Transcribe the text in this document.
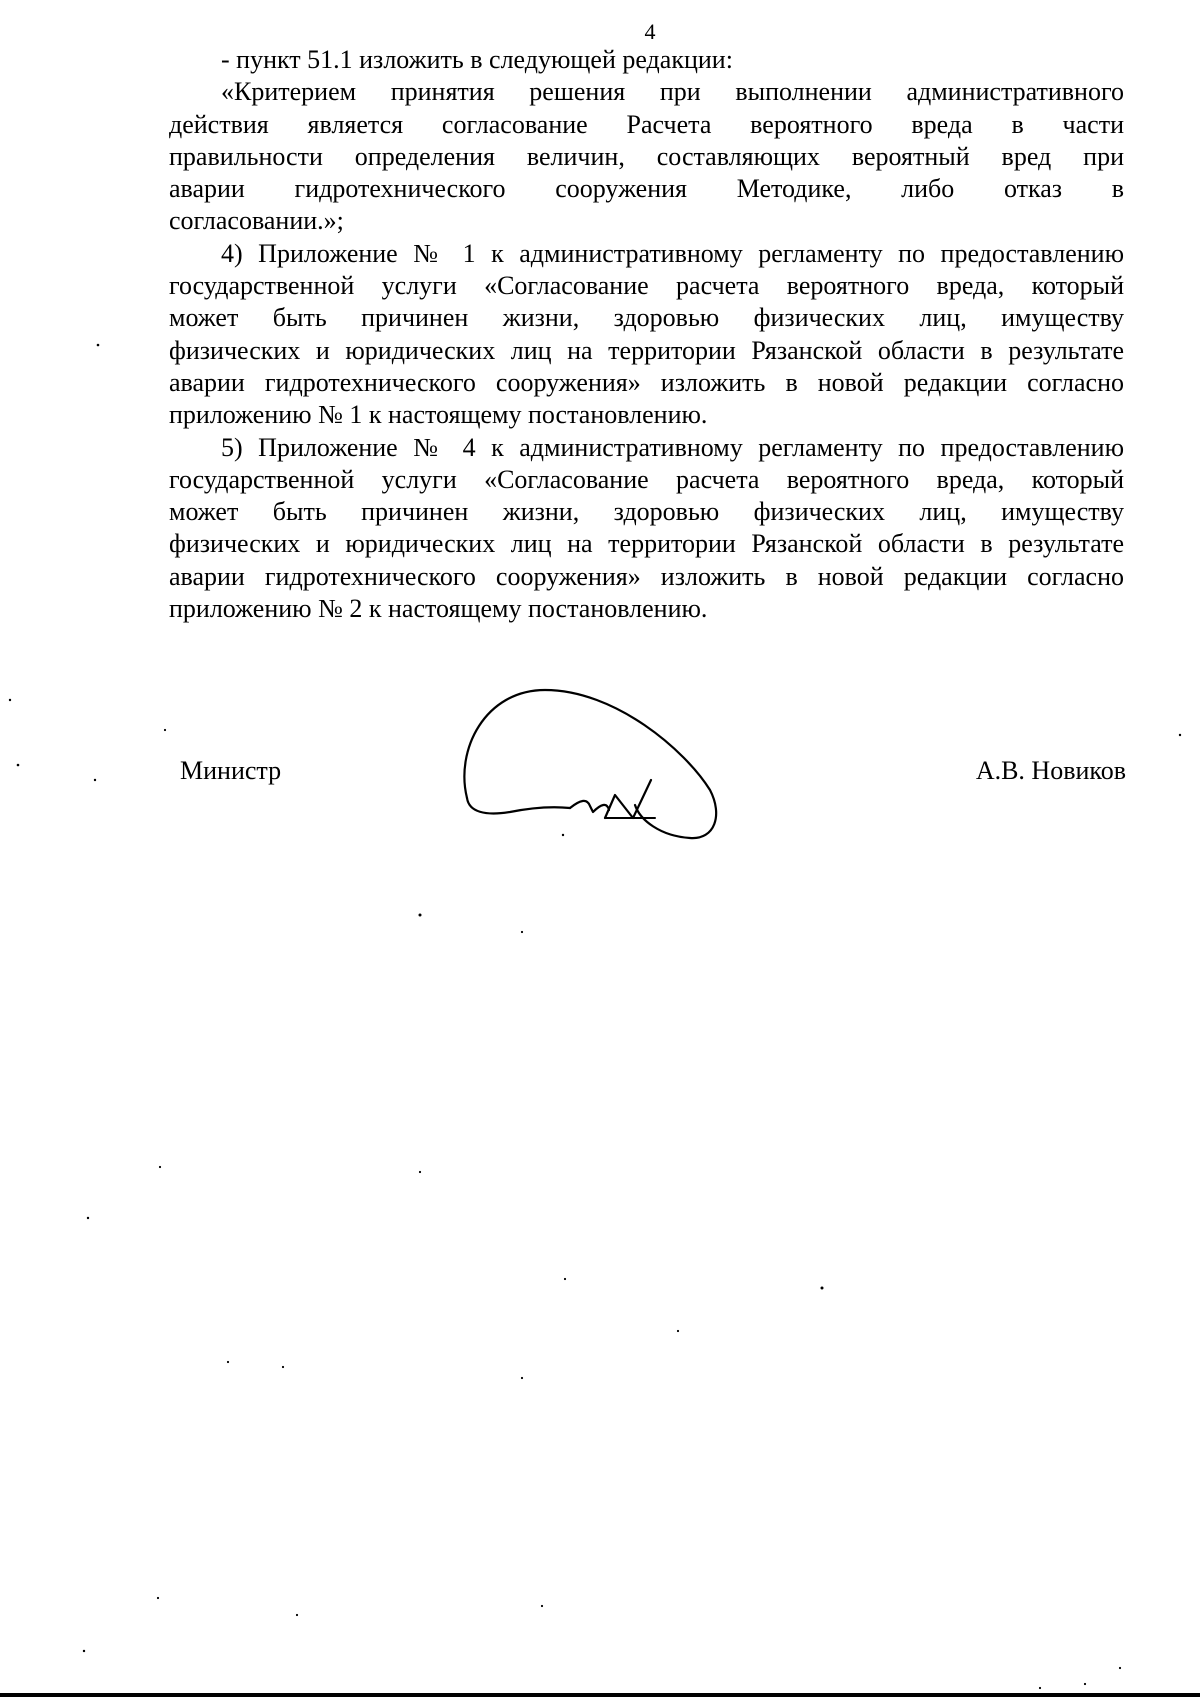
4
- пункт 51.1 изложить в следующей редакции:
«Критерием принятия решения при выполнении административного
действия является согласование Расчета вероятного вреда в части
правильности определения величин, составляющих вероятный вред при
аварии гидротехнического сооружения Методике, либо отказ в
согласовании.»;
4) Приложение № 1 к административному регламенту по предоставлению
государственной услуги «Согласование расчета вероятного вреда, который
может быть причинен жизни, здоровью физических лиц, имуществу
физических и юридических лиц на территории Рязанской области в результате
аварии гидротехнического сооружения» изложить в новой редакции согласно
приложению № 1 к настоящему постановлению.
5) Приложение № 4 к административному регламенту по предоставлению
государственной услуги «Согласование расчета вероятного вреда, который
может быть причинен жизни, здоровью физических лиц, имуществу
физических и юридических лиц на территории Рязанской области в результате
аварии гидротехнического сооружения» изложить в новой редакции согласно
приложению № 2 к настоящему постановлению.
Министр	А.В. Новиков
